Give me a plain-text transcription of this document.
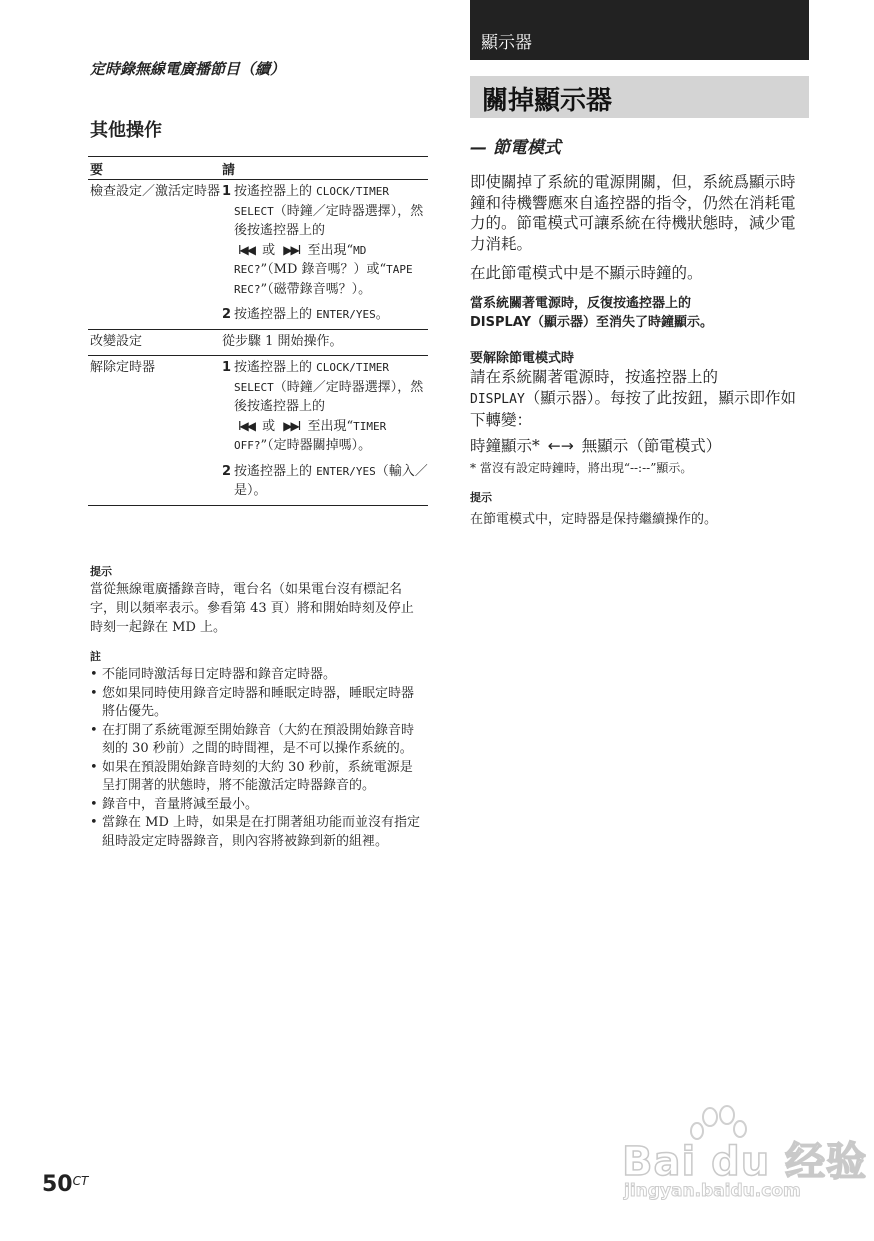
定時錄無線電廣播節目（續）
其他操作
要	請
檢查設定／激活定時器 1 按遙控器上的 CLOCK/TIMER SELECT（時鐘／定時器選擇），然後按遙控器上的
I◀◀ 或 ▶▶I 至出現“MD REC?”（MD 錄音嗎？）或“TAPE REC?”（磁帶錄音嗎？）。
2 按遙控器上的 ENTER/YES。
改變設定	從步驟 1 開始操作。
解除定時器	1 按遙控器上的 CLOCK/TIMER SELECT（時鐘／定時器選擇），然後按遙控器上的
I◀◀ 或 ▶▶I 至出現“TIMER OFF?”（定時器關掉嗎）。
2 按遙控器上的 ENTER/YES（輸入／是）。
提示
當從無線電廣播錄音時，電台名（如果電台沒有標記名字，則以頻率表示。參看第 43 頁）將和開始時刻及停止時刻一起錄在 MD 上。
註
• 不能同時激活每日定時器和錄音定時器。
• 您如果同時使用錄音定時器和睡眠定時器，睡眠定時器將佔優先。
• 在打開了系統電源至開始錄音（大約在預設開始錄音時刻的 30 秒前）之間的時間裡，是不可以操作系統的。
• 如果在預設開始錄音時刻的大約 30 秒前，系統電源是呈打開著的狀態時，將不能激活定時器錄音的。
• 錄音中，音量將減至最小。
• 當錄在 MD 上時，如果是在打開著組功能而並沒有指定組時設定定時器錄音，則內容將被錄到新的組裡。
$50^{CT}$
顯示器
關掉顯示器
— 節電模式
即使關掉了系統的電源開關，但，系統爲顯示時鐘和待機響應來自遙控器的指令，仍然在消耗電力的。節電模式可讓系統在待機狀態時，減少電力消耗。
在此節電模式中是不顯示時鐘的。
當系統關著電源時，反復按遙控器上的
DISPLAY（顯示器）至消失了時鐘顯示。
要解除節電模式時
請在系統關著電源時，按遙控器上的
DISPLAY（顯示器）。每按了此按鈕，顯示即作如下轉變：
時鐘顯示* ←→ 無顯示（節電模式）
* 當沒有設定時鐘時，將出現“--:--”顯示。
提示
在節電模式中，定時器是保持繼續操作的。
Bai du 经验
jingyan.baidu.com
